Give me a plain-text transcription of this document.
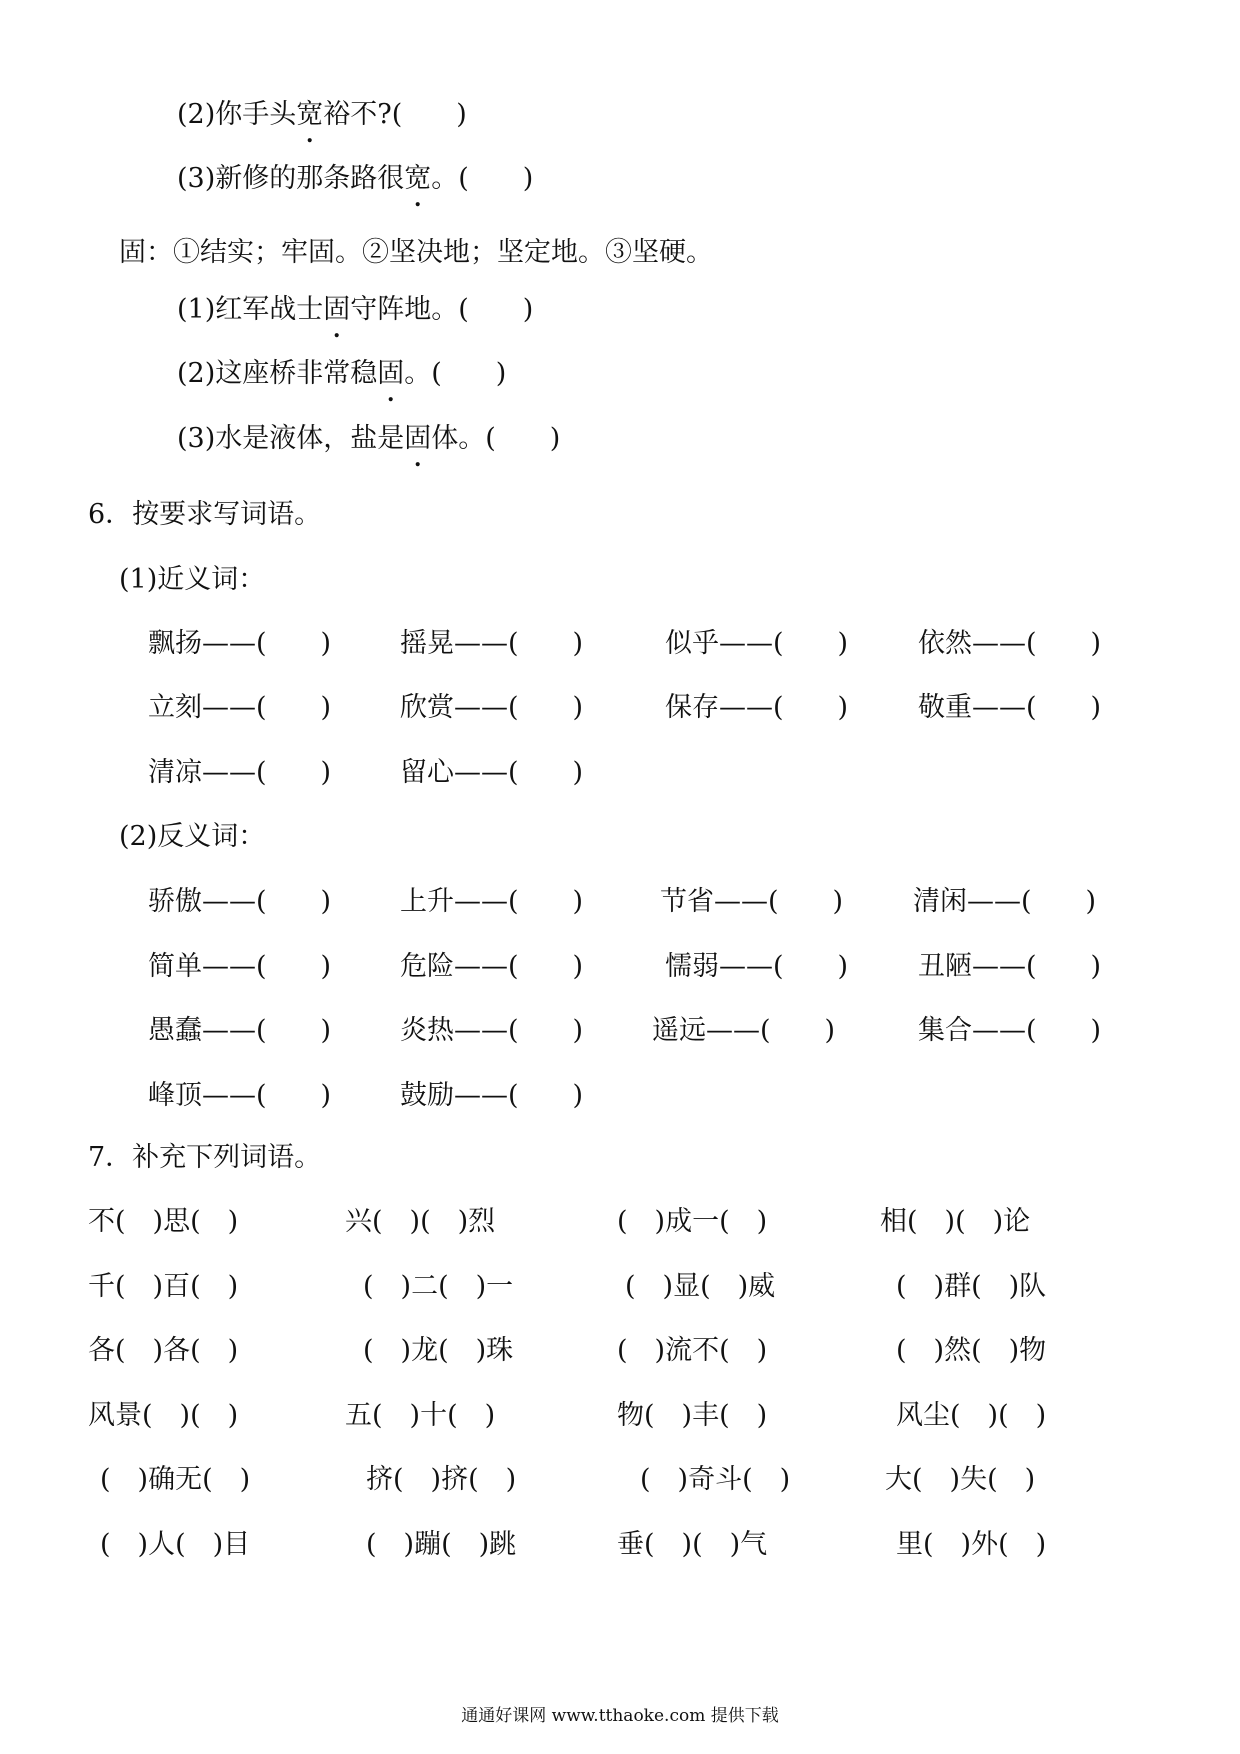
(2)你手头宽裕不?(　　)
(3)新修的那条路很宽。(　　)
固：①结实；牢固。②坚决地；坚定地。③坚硬。
(1)红军战士固守阵地。(　　)
(2)这座桥非常稳固。(　　)
(3)水是液体，盐是固体。(　　)
6．按要求写词语。
(1)近义词：
飘扬——(　　)	摇晃——(　　)	似乎——(　　)	依然——(　　)
立刻——(　　)	欣赏——(　　)	保存——(　　)	敬重——(　　)
清凉——(　　)	留心——(　　)
(2)反义词：
骄傲——(　　)	上升——(　　)	节省——(　　)	清闲——(　　)
简单——(　　)	危险——(　　)	懦弱——(　　)	丑陋——(　　)
愚蠢——(　　)	炎热——(　　)	遥远——(　　)	集合——(　　)
峰顶——(　　)	鼓励——(　　)
7．补充下列词语。
不(　)思(　)	兴(　)(　)烈	(　)成一(　)	相(　)(　)论
千(　)百(　)	(　)二(　)一	(　)显(　)威	(　)群(　)队
各(　)各(　)	(　)龙(　)珠	(　)流不(　)	(　)然(　)物
风景(　)(　)	五(　)十(　)	物(　)丰(　)	风尘(　)(　)
(　)确无(　)	挤(　)挤(　)	(　)奇斗(　)	大(　)失(　)
(　)人(　)目	(　)蹦(　)跳	垂(　)(　)气	里(　)外(　)
通通好课网 www.tthaoke.com 提供下载
